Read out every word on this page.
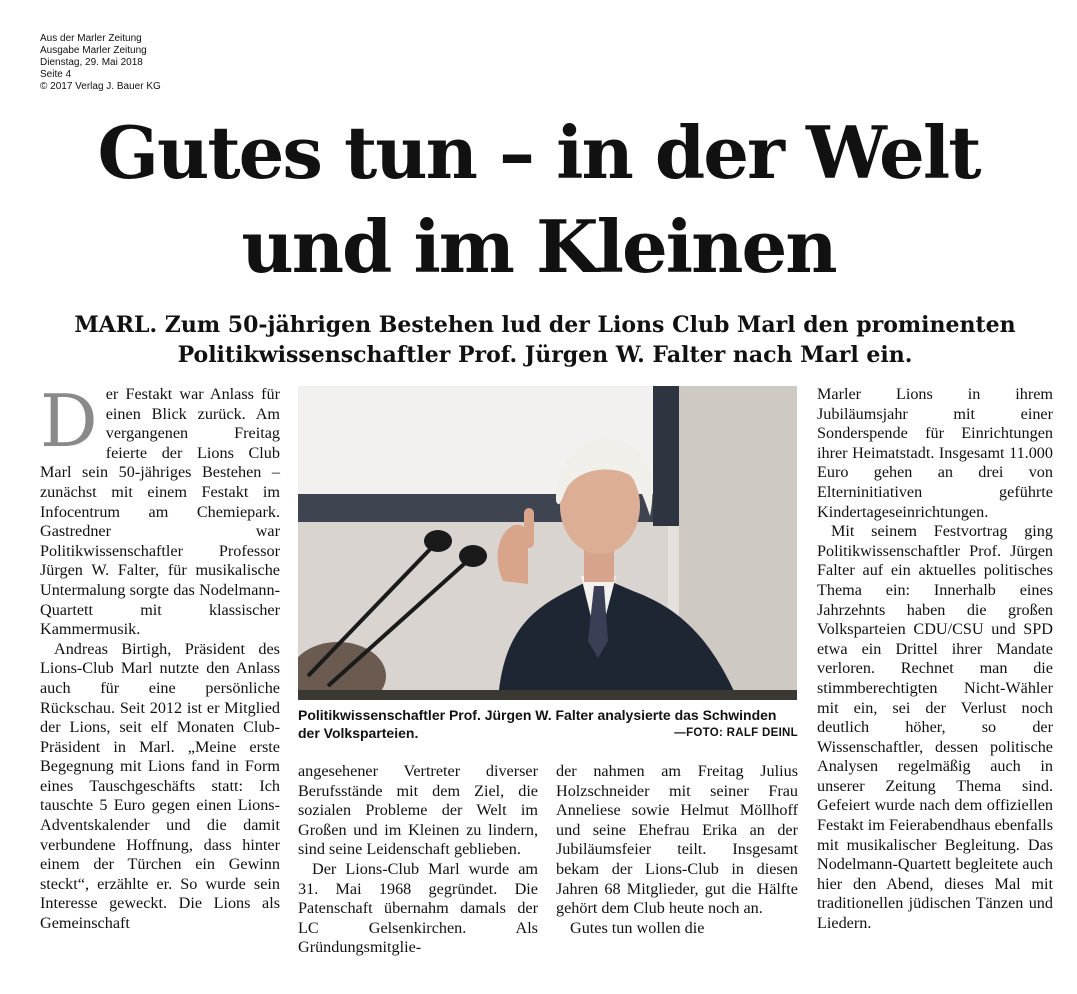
Aus der Marler Zeitung
Ausgabe Marler Zeitung
Dienstag, 29. Mai 2018
Seite 4
© 2017 Verlag J. Bauer KG
Gutes tun – in der Welt
und im Kleinen
MARL. Zum 50-jährigen Bestehen lud der Lions Club Marl den prominenten
Politikwissenschaftler Prof. Jürgen W. Falter nach Marl ein.
D er Festakt war Anlass für einen Blick zurück. Am vergangenen Freitag feierte der Lions Club Marl sein 50-jähriges Bestehen – zunächst mit einem Festakt im Infocentrum am Chemiepark. Gastredner war Politikwissenschaftler Professor Jürgen W. Falter, für musikalische Untermalung sorgte das Nodelmann-Quartett mit klassischer Kammermusik.

Andreas Birtigh, Präsident des Lions-Club Marl nutzte den Anlass auch für eine persönliche Rückschau. Seit 2012 ist er Mitglied der Lions, seit elf Monaten Club-Präsident in Marl. „Meine erste Begegnung mit Lions fand in Form eines Tauschgeschäfts statt: Ich tauschte 5 Euro gegen einen Lions-Adventskalender und die damit verbundene Hoffnung, dass hinter einem der Türchen ein Gewinn steckt“, erzählte er. So wurde sein Interesse geweckt. Die Lions als Gemeinschaft

Politikwissenschaftler Prof. Jürgen W. Falter analysierte das Schwinden der Volksparteien.	—FOTO: RALF DEINL

angesehener Vertreter diverser Berufsstände mit dem Ziel, die sozialen Probleme der Welt im Großen und im Kleinen zu lindern, sind seine Leidenschaft geblieben.

Der Lions-Club Marl wurde am 31. Mai 1968 gegründet. Die Patenschaft übernahm damals der LC Gelsenkirchen. Als Gründungsmitglie-

der nahmen am Freitag Julius Holzschneider mit seiner Frau Anneliese sowie Helmut Möllhoff und seine Ehefrau Erika an der Jubiläumsfeier teilt. Insgesamt bekam der Lions-Club in diesen Jahren 68 Mitglieder, gut die Hälfte gehört dem Club heute noch an.

Gutes tun wollen die

Marler Lions in ihrem Jubiläumsjahr mit einer Sonderspende für Einrichtungen ihrer Heimatstadt. Insgesamt 11.000 Euro gehen an drei von Elterninitiativen geführte Kindertageseinrichtungen.

Mit seinem Festvortrag ging Politikwissenschaftler Prof. Jürgen Falter auf ein aktuelles politisches Thema ein: Innerhalb eines Jahrzehnts haben die großen Volksparteien CDU/CSU und SPD etwa ein Drittel ihrer Mandate verloren. Rechnet man die stimmberechtigten Nicht-Wähler mit ein, sei der Verlust noch deutlich höher, so der Wissenschaftler, dessen politische Analysen regelmäßig auch in unserer Zeitung Thema sind. Gefeiert wurde nach dem offiziellen Festakt im Feierabendhaus ebenfalls mit musikalischer Begleitung. Das Nodelmann-Quartett begleitete auch hier den Abend, dieses Mal mit traditionellen jüdischen Tänzen und Liedern.
